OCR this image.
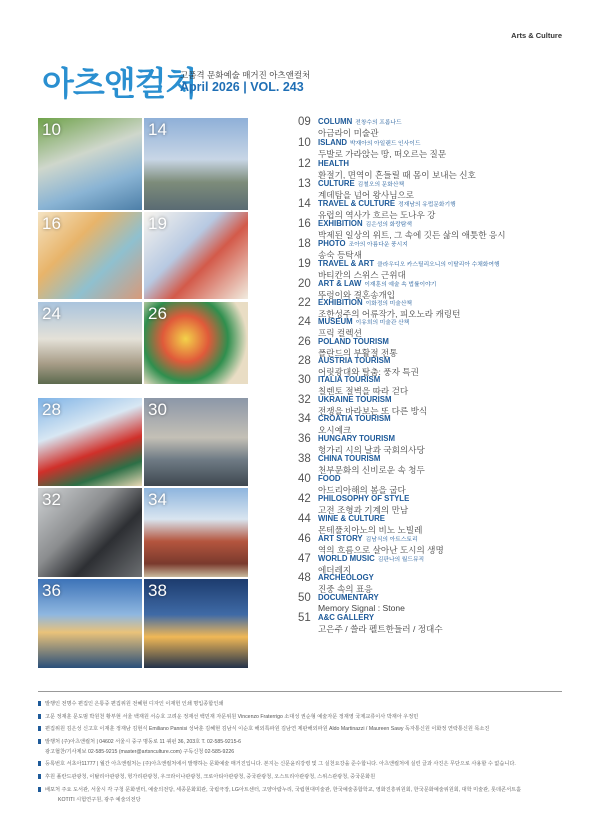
Arts & Culture
아츠앤컬처
고품격 문화예술 매거진 아츠앤컬처
April 2026 | VOL. 243
10	14
16	19
24	26
28	30
32	34
36	38
09 COLUMN 전창수의 프롬나드
아금라이 미술관
10 ISLAND 박재아의 아일랜드 인사이드
두발로 가라앉는 땅, 떠오르는 질문
12 HEALTH
환절기, 면역이 흔들릴 때 몸이 보내는 신호
13 CULTURE 김철오의 문화산책
계데탐을 넘어 왕사님으로
14 TRAVEL & CULTURE 정재남의 유럽문화기행
유럽의 역사가 흐르는 도나우 강
16 EXHIBITION 김은성의 화랑탐색
박제된 일상의 위트, 그 속에 깃든 삶의 애틋한 응시
18 PHOTO 조아의 아름다운 풍시지
송숙 등탁새
19 TRAVEL & ART 클라우디오 카스틸리오니의 이탈리아 수채화여행
바티칸의 스위스 근위대
20 ART & LAW 이재훈의 예술 속 법률이야기
뚜렁이와 결혼송개입
22 EXHIBITION 이화정의 미술산책
조한성주의 어류작가, 피오노라 캐링턴
24 MUSEUM 이유희의 미술관 산책
프릭 컬렉션
26 POLAND TOURISM
폴란드의 부활절 전통
28 AUSTRIA TOURISM
어릿광대와 탈춤: 풍자 특권
30 ITALIA TOURISM
칠렌토 절벽을 따라 걷다
32 UKRAINE TOURISM
전쟁을 바라보는 또 다른 방식
34 CROATIA TOURISM
오시예크
36 HUNGARY TOURISM
헝가리 시의 날과 국회의사당
38 CHINA TOURISM
천부문화의 신비로운 속 청두
40 FOOD
아드리아해의 봄을 굽다
42 PHILOSOPHY OF STYLE
고전 조형과 기계의 만남
44 WINE & CULTURE
몬테풀치아노의 비노 노빌레
46 ART STORY 김남식의 아트스토리
역의 흐름으로 살아난 도시의 생명
47 WORLD MUSIC 김판나의 월드뮤직
에더레지
48 ARCHEOLOGY
진중 속의 표응
50 DOCUMENTARY
Memory Signal : Stone
51 A&C GALLERY
고은주 / 쓸라 펠트한들러 / 정대수
발행인 전명수 편집인 은통중 편집위원 전혜현 디자인 이재헌 인쇄 명입종합인쇄
고문 정재훈 문도범 박원천 황부현 서울 백재원 서승호 고려운 정재선 백민재 자문위원 Vincenzo Fraterrigo 소대성 권순형 예술자문 정재영 국제교류이사 박재아 우정민
편집위원 김은성 신고호 이재훈 정재남 김현식 Emiliano Pannisi 성낙훈 김혜현 김남식 이순호 해외특파원 김남연 제판해외파원 Aldo Martinazzi / Maureen Sawy 독자통신원 이화정 연락통신원 목소진
발행처 (주)아츠앤컬처 | 04602 서울시 중구 명동로 11 쿼펀 36, 203호 T. 02-585-9215-6
광고협찬/기사제보 02-585-9215 (master@artsnculture.com) 구독신청 02-585-9226
등록번호 서초아11777 | 월간 아츠앤컬처는 (주)아츠앤컬처에서 발행하는 문화예술 매거진입니다. 본지는 신문윤리강령 및 그 실천요강을 준수합니다. 아츠앤컬처에 실린 글과 사진은 무단으로 사용할 수 없습니다.
후원 폴란드관광청, 이탈리아관광청, 헝가리관광청, 우크라이나관광청, 크로아티아관광청, 중국관광청, 오스트리아관광청, 스위스관광청, 중국문화원
배포처 주요 도서관, 서울시 각 구청 문화센터, 예술의전당, 세종문화회관, 국립극장, LG아트센터, 고양아람누리, 국립현대미술관, 한국예술종합학교, 영화진흥위원회, 한국문화예술위원회, 대학 미술관, 롯데콘서트홀
KOTITI 시험연구원, 광주 예술의전당
